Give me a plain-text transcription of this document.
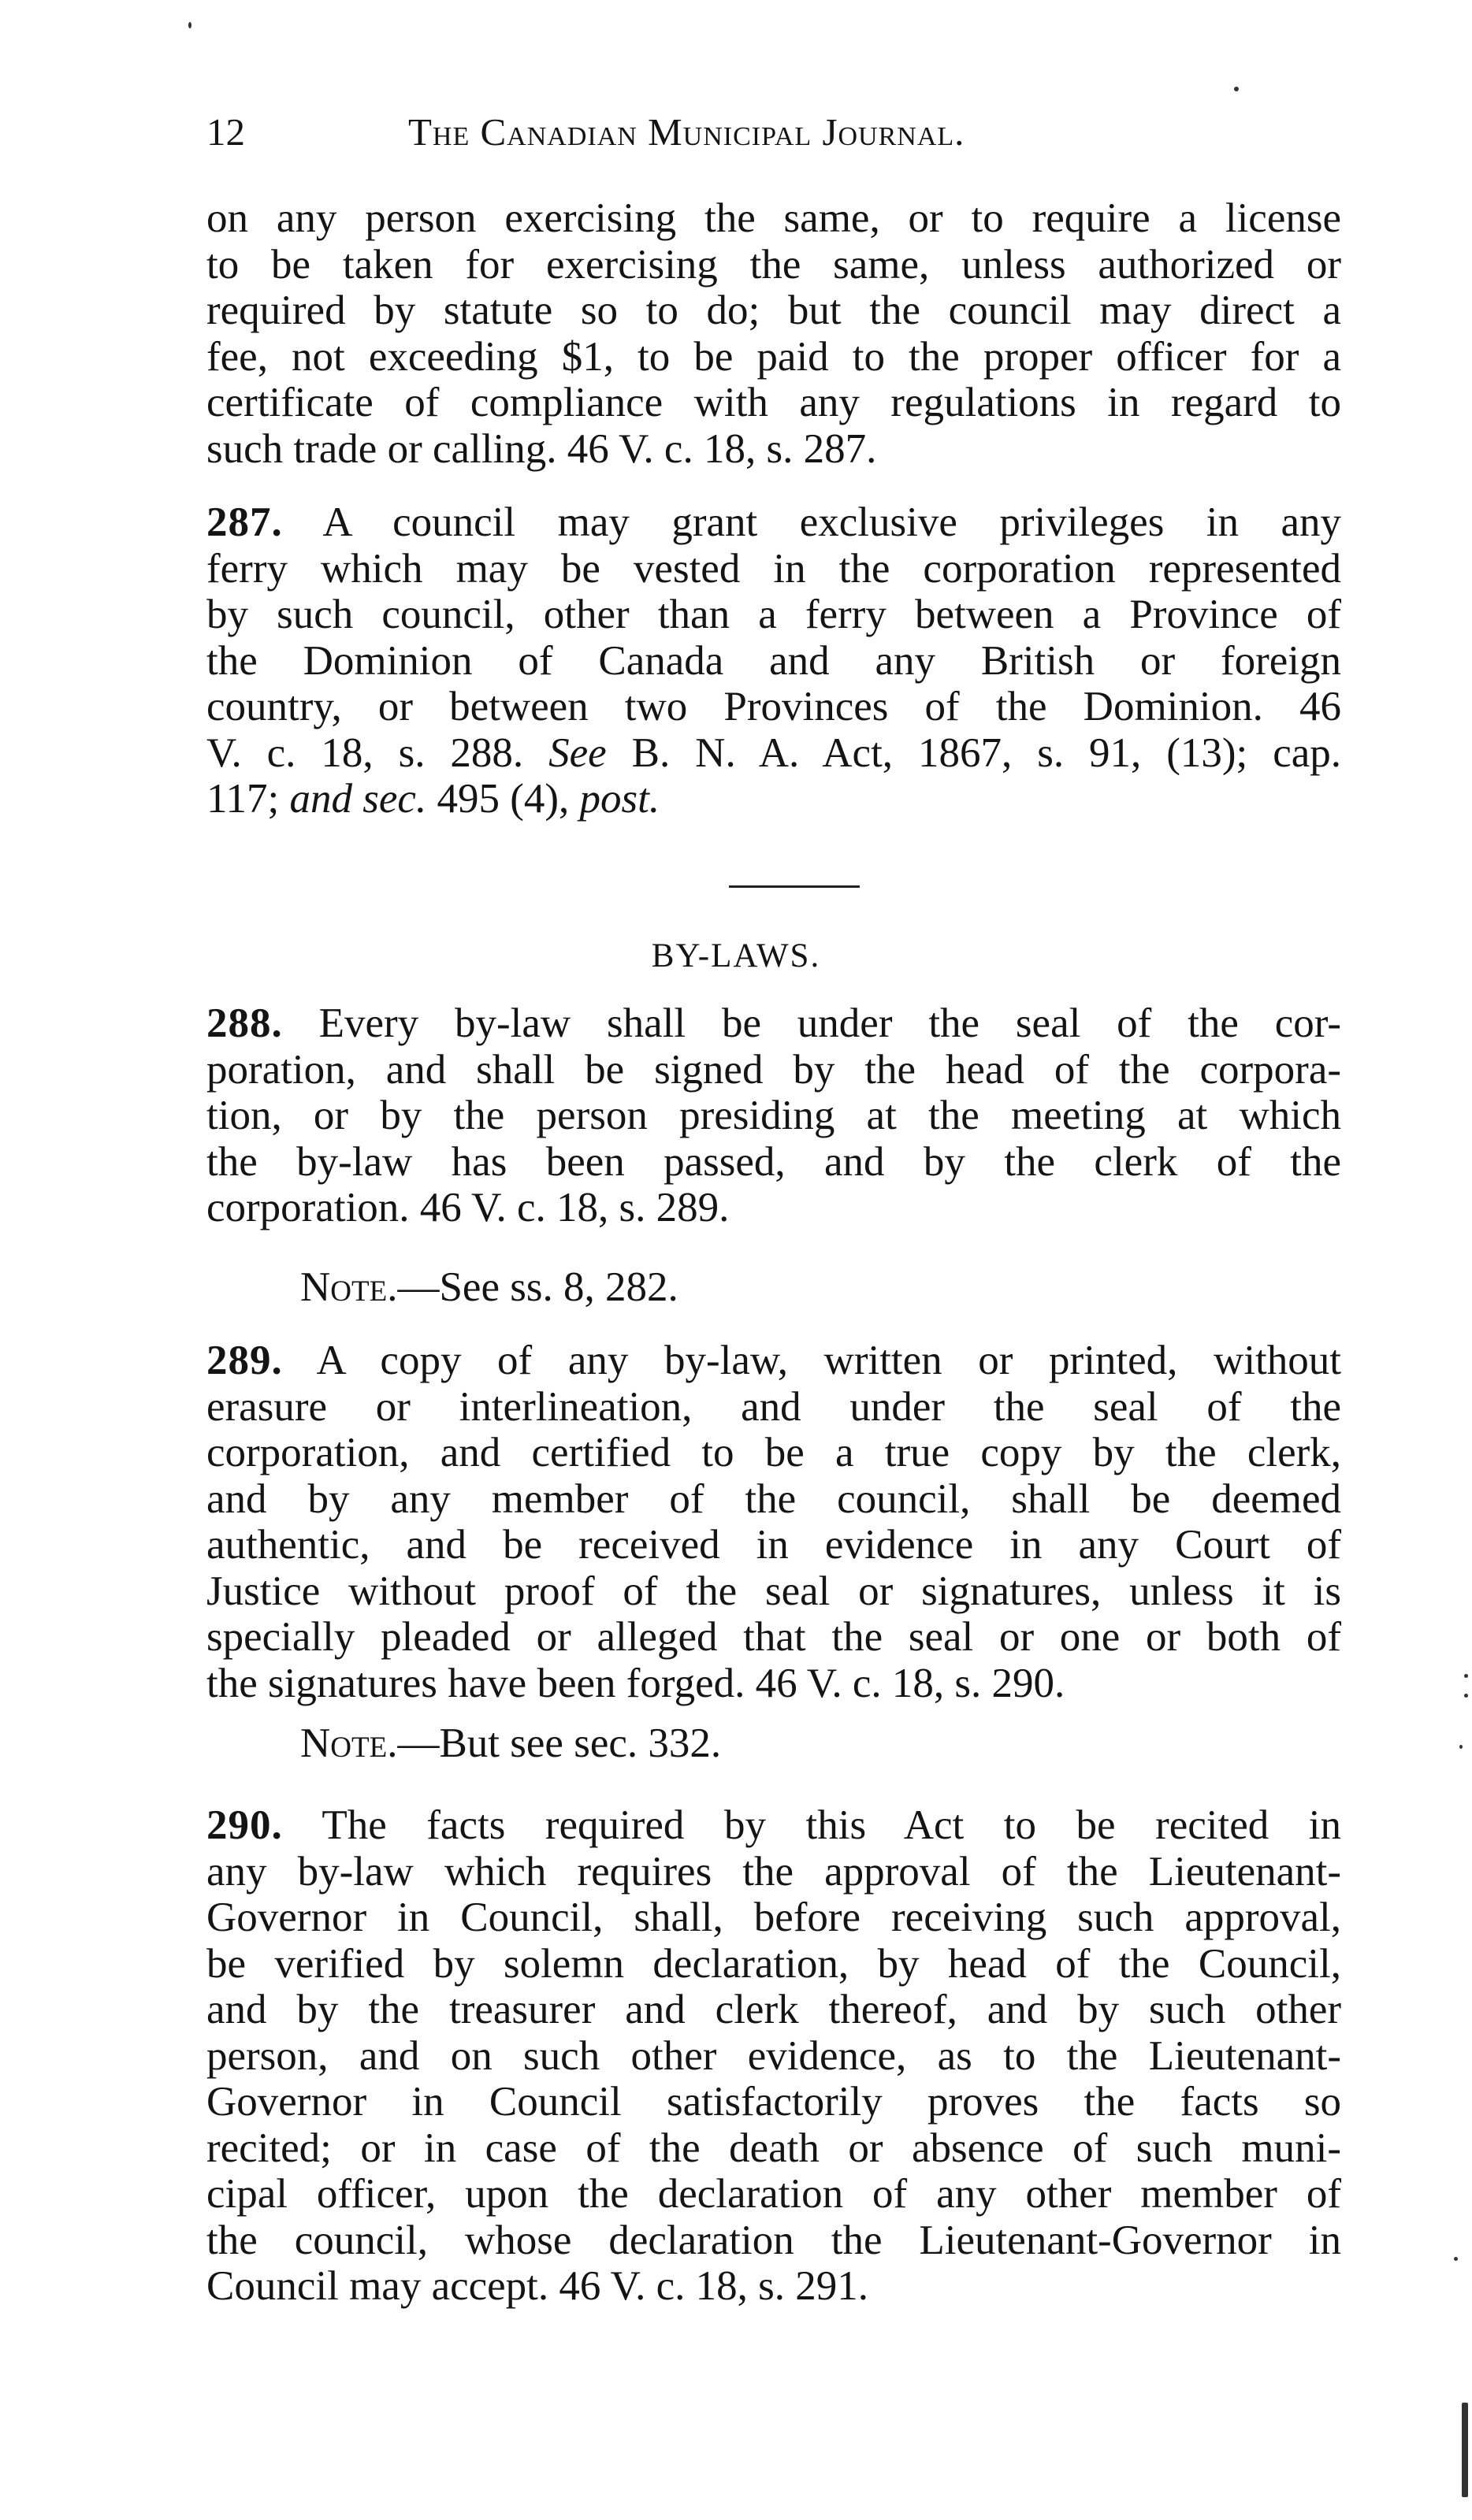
12	The Canadian Municipal Journal.
on any person exercising the same, or to require a license
to be taken for exercising the same, unless authorized or
required by statute so to do; but the council may direct a
fee, not exceeding $1, to be paid to the proper officer for a
certificate of compliance with any regulations in regard to
such trade or calling. 46 V. c. 18, s. 287.
287. A council may grant exclusive privileges in any
ferry which may be vested in the corporation represented
by such council, other than a ferry between a Province of
the Dominion of Canada and any British or foreign
country, or between two Provinces of the Dominion. 46
V. c. 18, s. 288. See B. N. A. Act, 1867, s. 91, (13); cap.
117; and sec. 495 (4), post.
BY-LAWS.
288. Every by-law shall be under the seal of the cor-
poration, and shall be signed by the head of the corpora-
tion, or by the person presiding at the meeting at which
the by-law has been passed, and by the clerk of the
corporation. 46 V. c. 18, s. 289.
Note.—See ss. 8, 282.
289. A copy of any by-law, written or printed, without
erasure or interlineation, and under the seal of the
corporation, and certified to be a true copy by the clerk,
and by any member of the council, shall be deemed
authentic, and be received in evidence in any Court of
Justice without proof of the seal or signatures, unless it is
specially pleaded or alleged that the seal or one or both of
the signatures have been forged. 46 V. c. 18, s. 290.
Note.—But see sec. 332.
290. The facts required by this Act to be recited in
any by-law which requires the approval of the Lieutenant-
Governor in Council, shall, before receiving such approval,
be verified by solemn declaration, by head of the Council,
and by the treasurer and clerk thereof, and by such other
person, and on such other evidence, as to the Lieutenant-
Governor in Council satisfactorily proves the facts so
recited; or in case of the death or absence of such muni-
cipal officer, upon the declaration of any other member of
the council, whose declaration the Lieutenant-Governor in
Council may accept. 46 V. c. 18, s. 291.
